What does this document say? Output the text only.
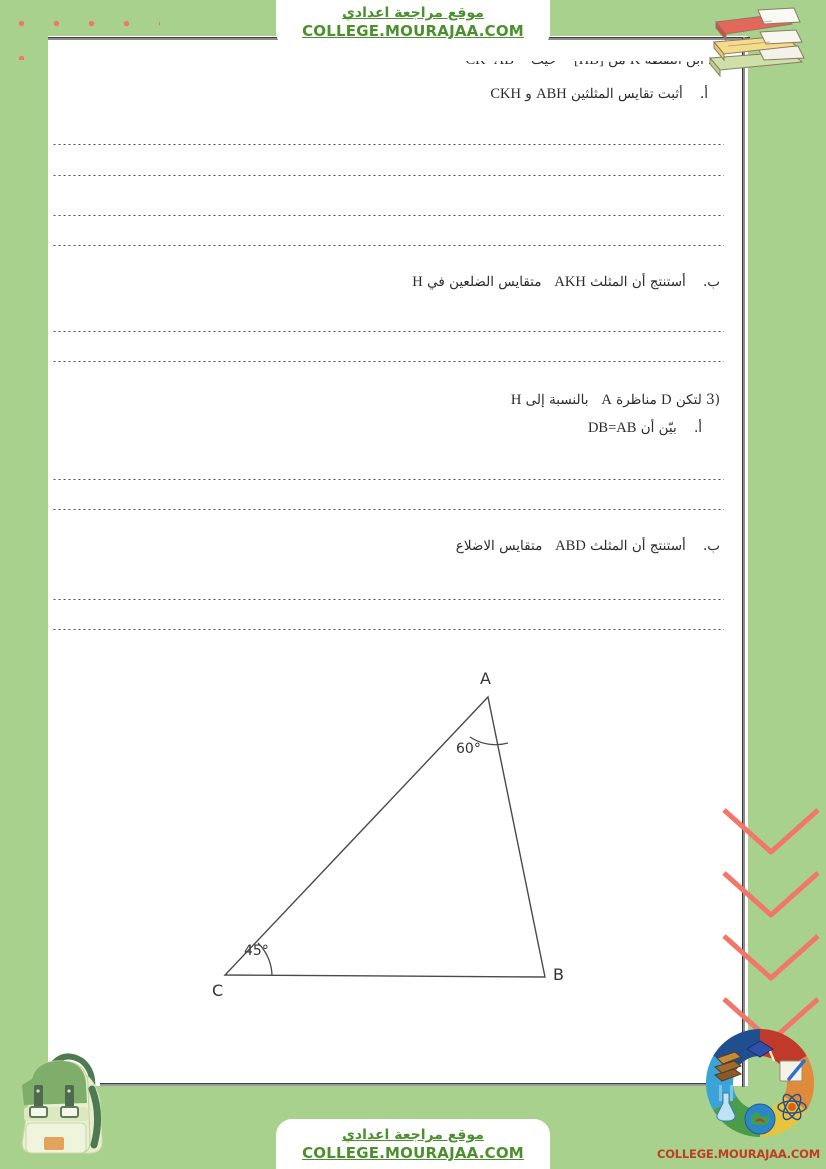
أ.    أثبت تقايس المثلثين ABH و CKH
ب.    أستنتج أن المثلث AKH   متقايس الضلعين في H
(3 لتكن D مناظرة A   بالنسبة إلى H
أ.    بيّن أن DB=AB
ب.    أستنتج أن المثلث ABD   متقايس الاضلاع
A
B
C
60°
45°
COLLEGE.MOURAJAA.COM
موقع مراجعة اعدادي
COLLEGE.MOURAJAA.COM
موقع مراجعة اعدادي
COLLEGE.MOURAJAA.COM
